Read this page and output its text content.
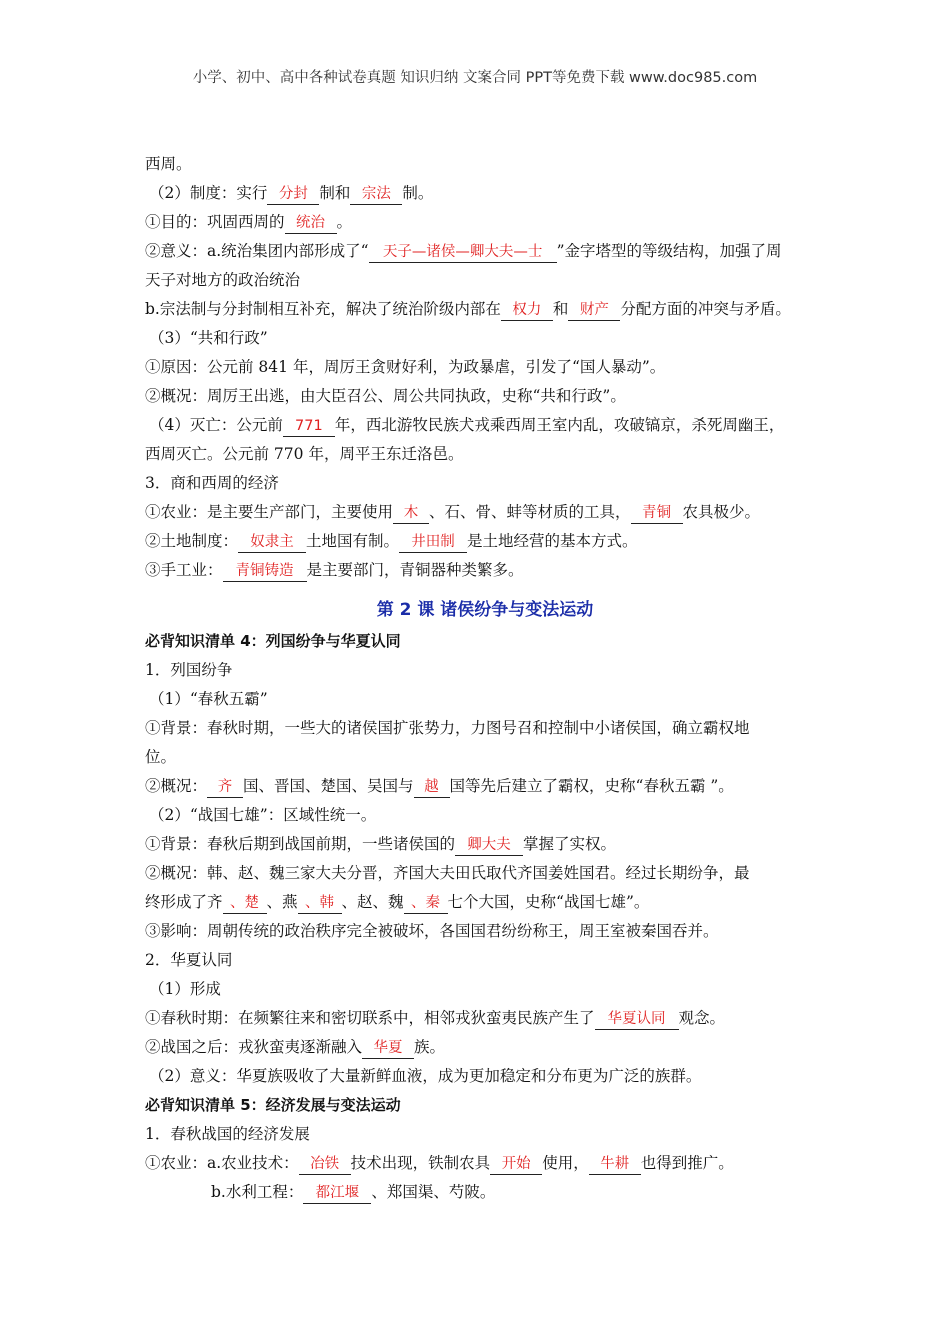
小学、初中、高中各种试卷真题 知识归纳 文案合同 PPT等免费下载 www.doc985.com
西周。
（2）制度：实行 分封 制和 宗法 制。
①目的：巩固西周的 统治 。
②意义：a.统治集团内部形成了“ 天子—诸侯—卿大夫—士 ”金字塔型的等级结构，加强了周
天子对地方的政治统治
b.宗法制与分封制相互补充，解决了统治阶级内部在 权力 和 财产 分配方面的冲突与矛盾。
（3）“共和行政”
①原因：公元前 841 年，周厉王贪财好利，为政暴虐，引发了“国人暴动”。
②概况：周厉王出逃，由大臣召公、周公共同执政，史称“共和行政”。
（4）灭亡：公元前 771 年，西北游牧民族犬戎乘西周王室内乱，攻破镐京，杀死周幽王，
西周灭亡。公元前 770 年，周平王东迁洛邑。
3．商和西周的经济
①农业：是主要生产部门，主要使用 木 、石、骨、蚌等材质的工具， 青铜 农具极少。
②土地制度： 奴隶主 土地国有制。 井田制 是土地经营的基本方式。
③手工业： 青铜铸造 是主要部门，青铜器种类繁多。
第 2 课 诸侯纷争与变法运动
必背知识清单 4：列国纷争与华夏认同
1．列国纷争
（1）“春秋五霸”
①背景：春秋时期，一些大的诸侯国扩张势力，力图号召和控制中小诸侯国，确立霸权地
位。
②概况： 齐 国、晋国、楚国、吴国与 越 国等先后建立了霸权，史称“春秋五霸 ”。
（2）“战国七雄”：区域性统一。
①背景：春秋后期到战国前期，一些诸侯国的 卿大夫 掌握了实权。
②概况：韩、赵、魏三家大夫分晋，齐国大夫田氏取代齐国姜姓国君。经过长期纷争，最
终形成了齐 、楚 、燕 、韩 、赵、魏 、秦 七个大国，史称“战国七雄”。
③影响：周朝传统的政治秩序完全被破坏，各国国君纷纷称王，周王室被秦国吞并。
2．华夏认同
（1）形成
①春秋时期：在频繁往来和密切联系中，相邻戎狄蛮夷民族产生了 华夏认同 观念。
②战国之后：戎狄蛮夷逐渐融入 华夏 族。
（2）意义：华夏族吸收了大量新鲜血液，成为更加稳定和分布更为广泛的族群。
必背知识清单 5：经济发展与变法运动
1．春秋战国的经济发展
①农业：a.农业技术： 冶铁 技术出现，铁制农具 开始 使用， 牛耕 也得到推广。
b.水利工程： 都江堰 、郑国渠、芍陂。
